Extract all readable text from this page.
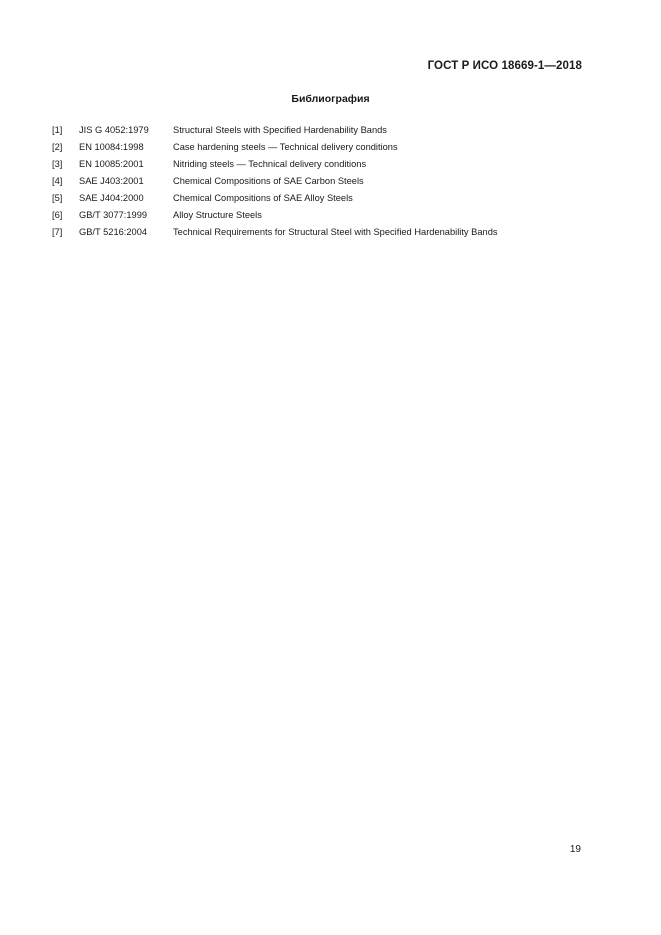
ГОСТ Р ИСО 18669-1—2018
Библиография
[1]	JIS G 4052:1979	Structural Steels with Specified Hardenability Bands
[2]	EN 10084:1998	Case hardening steels — Technical delivery conditions
[3]	EN 10085:2001	Nitriding steels — Technical delivery conditions
[4]	SAE J403:2001	Chemical Compositions of SAE Carbon Steels
[5]	SAE J404:2000	Chemical Compositions of SAE Alloy Steels
[6]	GB/T 3077:1999	Alloy Structure Steels
[7]	GB/T 5216:2004	Technical Requirements for Structural Steel with Specified Hardenability Bands
19
